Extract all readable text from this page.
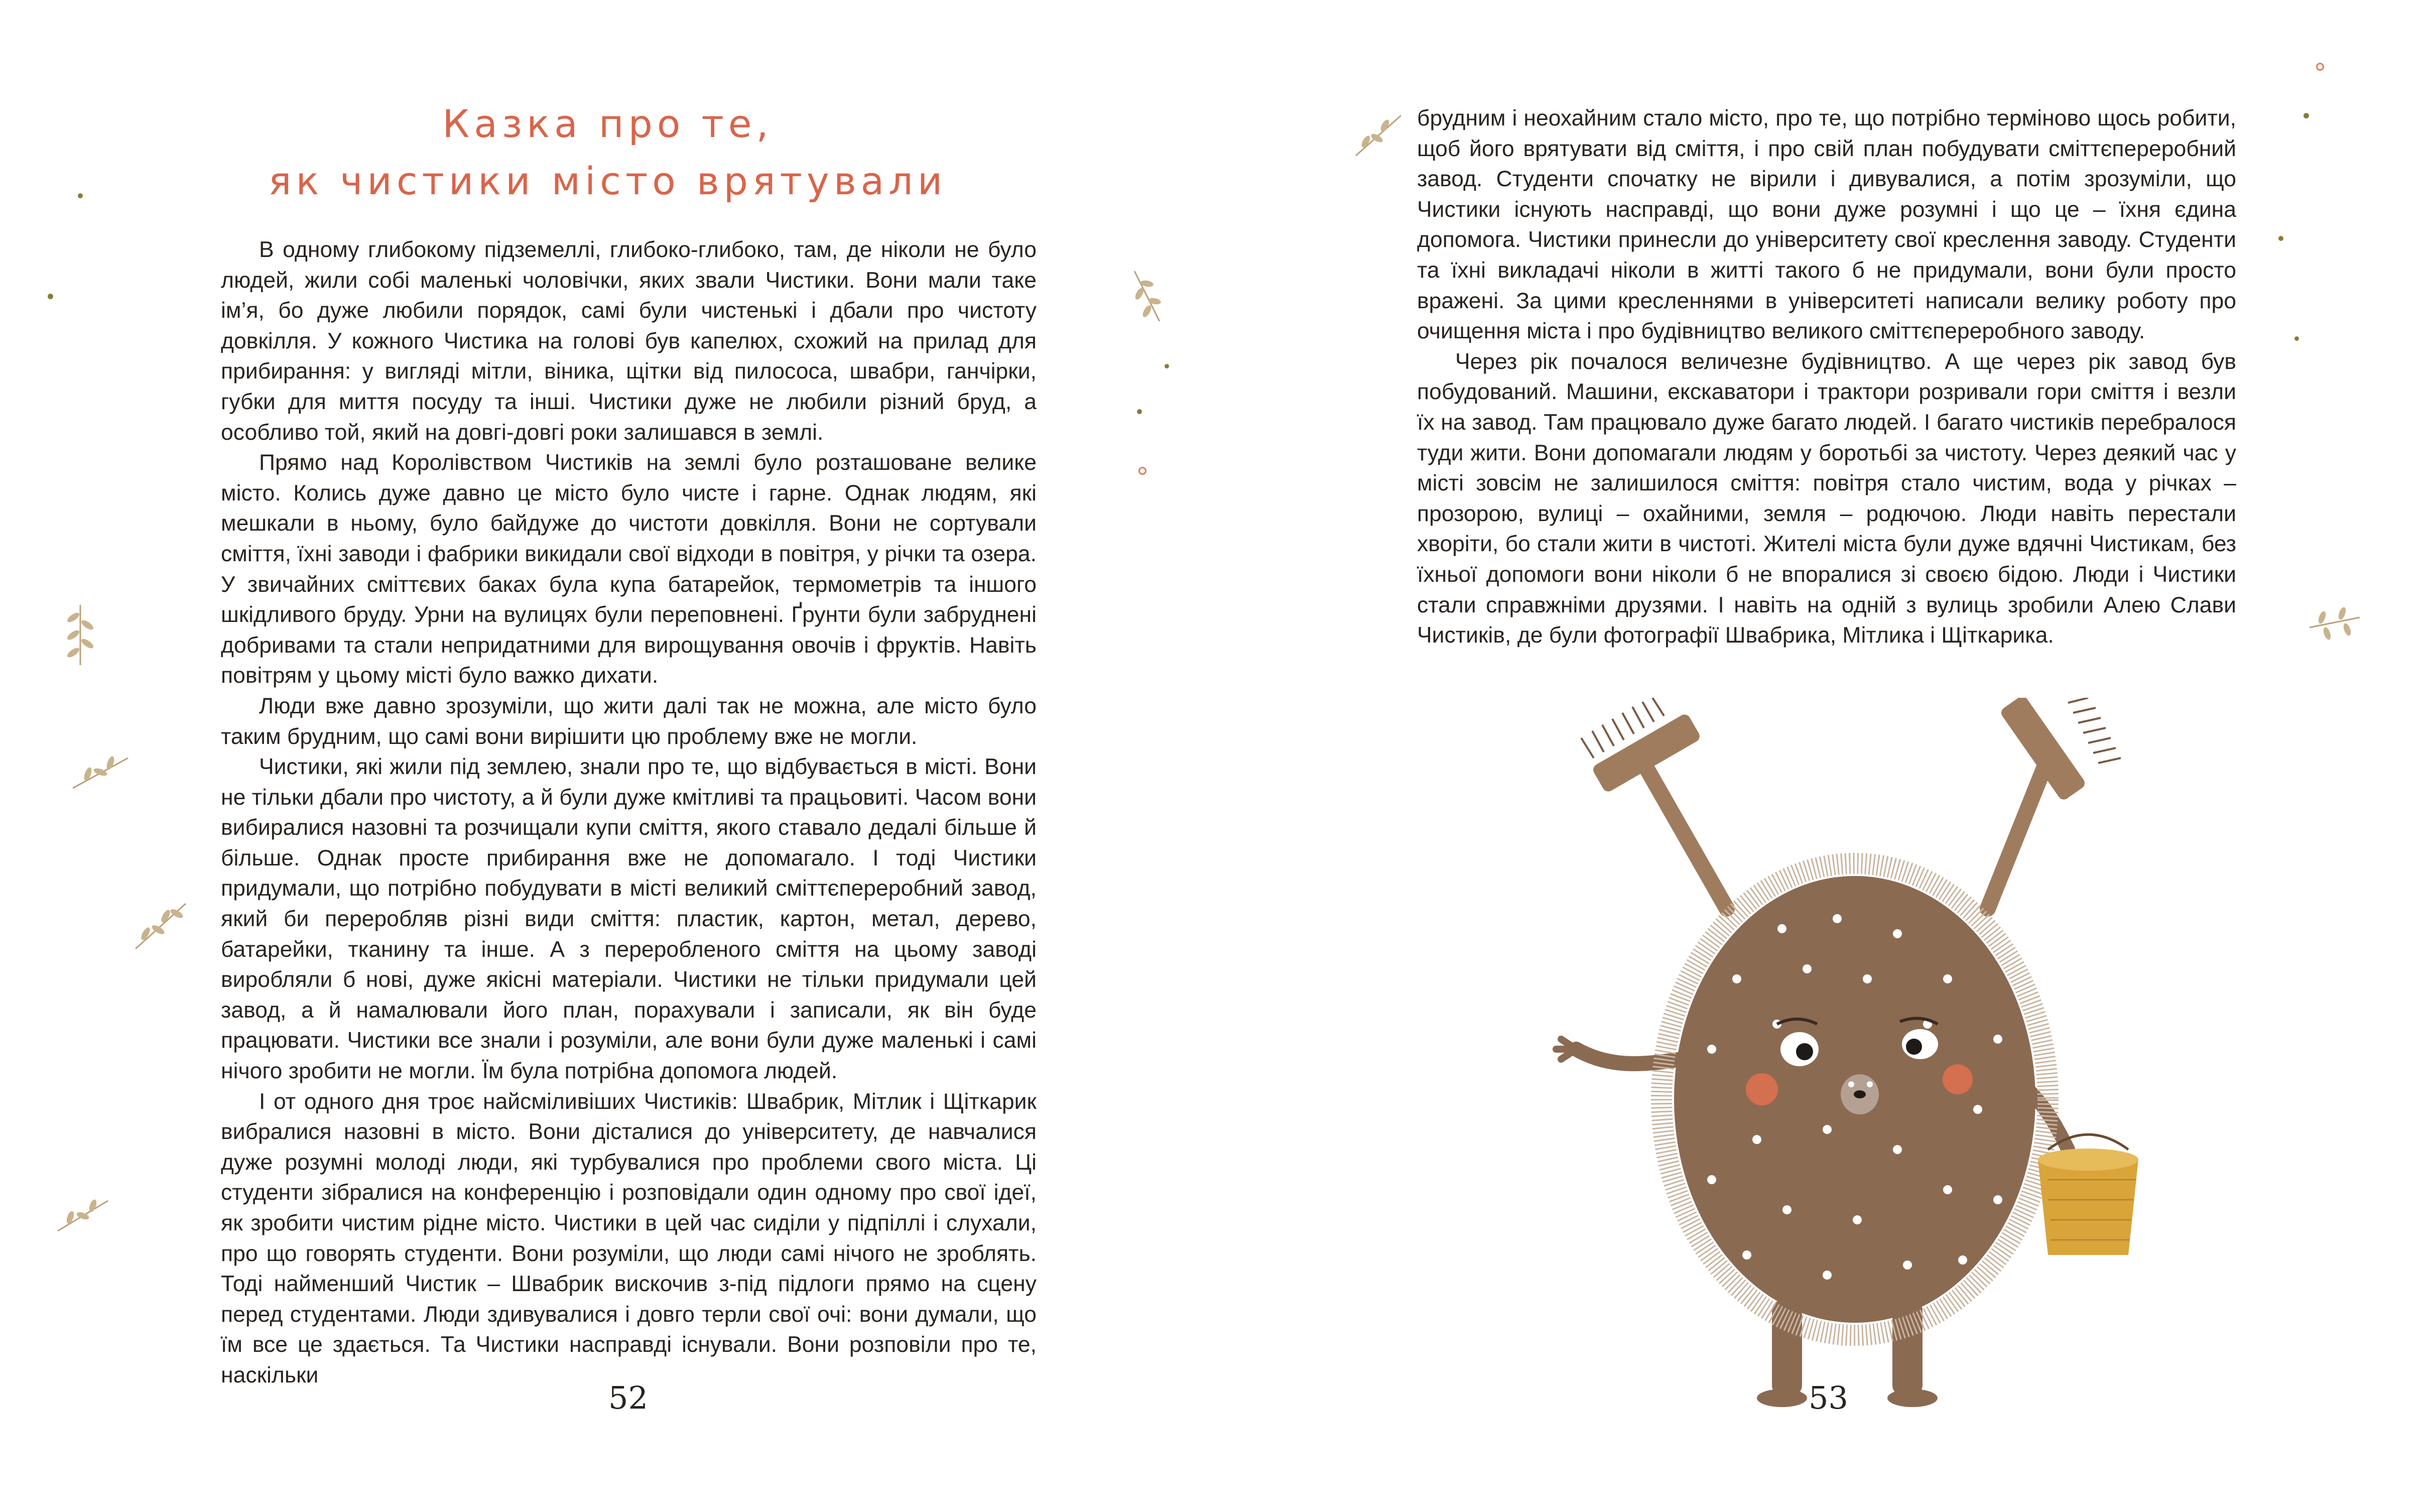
Казка про те,
як чистики місто врятували

В одному глибокому підземеллі, глибоко-глибоко, там, де ніколи не було людей, жили собі маленькі чоловічки, яких звали Чистики. Вони мали таке ім’я, бо дуже любили порядок, самі були чистенькі і дбали про чистоту довкілля. У кожного Чистика на голові був капелюх, схожий на прилад для прибирання: у вигляді мітли, віника, щітки від пилососа, швабри, ганчірки, губки для миття посуду та інші. Чистики дуже не любили різний бруд, а особливо той, який на довгі-довгі роки залишався в землі.

Прямо над Королівством Чистиків на землі було розташоване велике місто. Колись дуже давно це місто було чисте і гарне. Однак людям, які мешкали в ньому, було байдуже до чистоти довкілля. Вони не сортували сміття, їхні заводи і фабрики викидали свої відходи в повітря, у річки та озера. У звичайних сміттєвих баках була купа батарейок, термометрів та іншого шкідливого бруду. Урни на вулицях були переповнені. Ґрунти були забруднені добривами та стали непридатними для вирощування овочів і фруктів. Навіть повітрям у цьому місті було важко дихати.

Люди вже давно зрозуміли, що жити далі так не можна, але місто було таким брудним, що самі вони вирішити цю проблему вже не могли.

Чистики, які жили під землею, знали про те, що відбувається в місті. Вони не тільки дбали про чистоту, а й були дуже кмітливі та працьовиті. Часом вони вибиралися назовні та розчищали купи сміття, якого ставало дедалі більше й більше. Однак просте прибирання вже не допомагало. І тоді Чистики придумали, що потрібно побудувати в місті великий сміттєпереробний завод, який би переробляв різні види сміття: пластик, картон, метал, дерево, батарейки, тканину та інше. А з переробленого сміття на цьому заводі виробляли б нові, дуже якісні матеріали. Чистики не тільки придумали цей завод, а й намалювали його план, порахували і записали, як він буде працювати. Чистики все знали і розуміли, але вони були дуже маленькі і самі нічого зробити не могли. Їм була потрібна допомога людей.

І от одного дня троє найсміливіших Чистиків: Швабрик, Мітлик і Щіткарик вибралися назовні в місто. Вони дісталися до університету, де навчалися дуже розумні молоді люди, які турбувалися про проблеми свого міста. Ці студенти зібралися на конференцію і розповідали один одному про свої ідеї, як зробити чистим рідне місто. Чистики в цей час сиділи у підпіллі і слухали, про що говорять студенти. Вони розуміли, що люди самі нічого не зроблять. Тоді найменший Чистик – Швабрик вискочив з-під підлоги прямо на сцену перед студентами. Люди здивувалися і довго терли свої очі: вони думали, що їм все це здається. Та Чистики насправді існували. Вони розповіли про те, наскільки

52

брудним і неохайним стало місто, про те, що потрібно терміново щось робити, щоб його врятувати від сміття, і про свій план побудувати сміттєпереробний завод. Студенти спочатку не вірили і дивувалися, а потім зрозуміли, що Чистики існують насправді, що вони дуже розумні і що це – їхня єдина допомога. Чистики принесли до університету свої креслення заводу. Студенти та їхні викладачі ніколи в житті такого б не придумали, вони були просто вражені. За цими кресленнями в університеті написали велику роботу про очищення міста і про будівництво великого сміттєпереробного заводу.

Через рік почалося величезне будівництво. А ще через рік завод був побудований. Машини, екскаватори і трактори розривали гори сміття і везли їх на завод. Там працювало дуже багато людей. І багато чистиків перебралося туди жити. Вони допомагали людям у боротьбі за чистоту. Через деякий час у місті зовсім не залишилося сміття: повітря стало чистим, вода у річках – прозорою, вулиці – охайними, земля – родючою. Люди навіть перестали хворіти, бо стали жити в чистоті. Жителі міста були дуже вдячні Чистикам, без їхньої допомоги вони ніколи б не впоралися зі своєю бідою. Люди і Чистики стали справжніми друзями. І навіть на одній з вулиць зробили Алею Слави Чистиків, де були фотографії Швабрика, Мітлика і Щіткарика.

53
